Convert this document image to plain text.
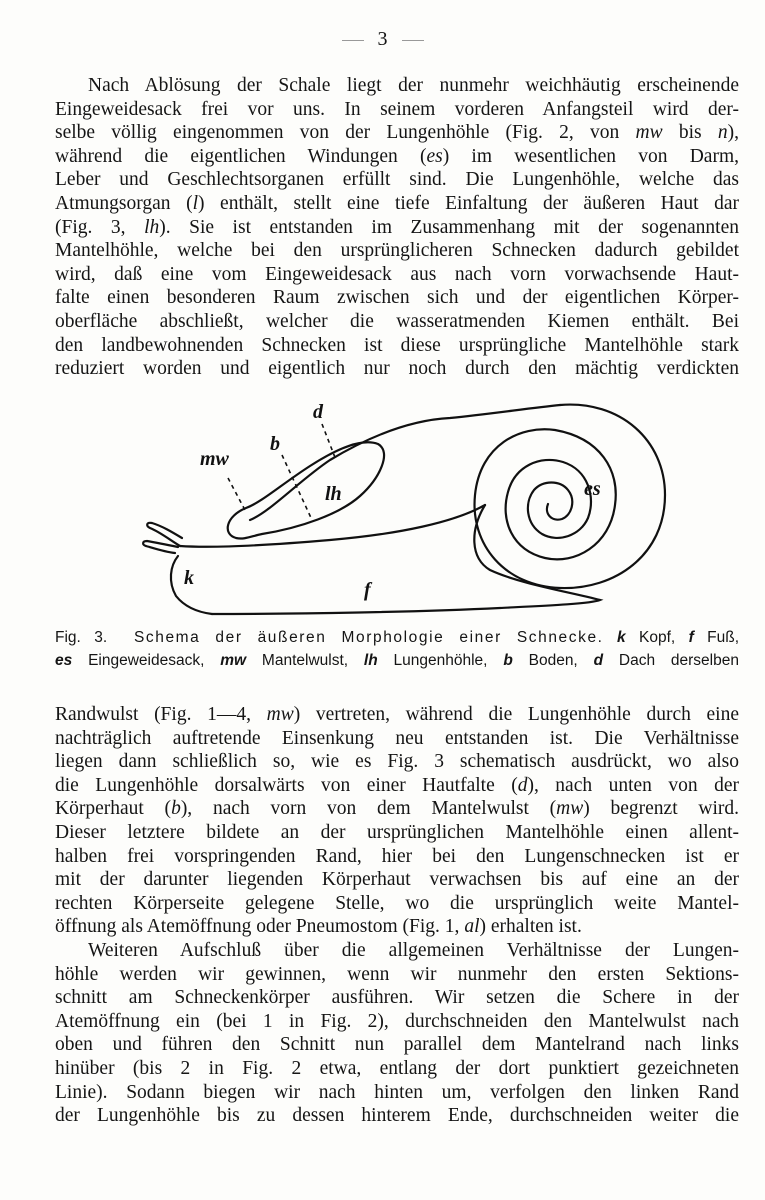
3
Nach Ablösung der Schale liegt der nunmehr weichhäutig erscheinende
Eingeweidesack frei vor uns. In seinem vorderen Anfangsteil wird der-
selbe völlig eingenommen von der Lungenhöhle (Fig. 2, von mw bis n),
während die eigentlichen Windungen (es) im wesentlichen von Darm,
Leber und Geschlechtsorganen erfüllt sind. Die Lungenhöhle, welche das
Atmungsorgan (l) enthält, stellt eine tiefe Einfaltung der äußeren Haut dar
(Fig. 3, lh). Sie ist entstanden im Zusammenhang mit der sogenannten
Mantelhöhle, welche bei den ursprünglicheren Schnecken dadurch gebildet
wird, daß eine vom Eingeweidesack aus nach vorn vorwachsende Haut-
falte einen besonderen Raum zwischen sich und der eigentlichen Körper-
oberfläche abschließt, welcher die wasseratmenden Kiemen enthält. Bei
den landbewohnenden Schnecken ist diese ursprüngliche Mantelhöhle stark
reduziert worden und eigentlich nur noch durch den mächtig verdickten
d
b
mw
lh	es
k
f
Fig. 3. Schema der äußeren Morphologie einer Schnecke. k Kopf, f Fuß,
es Eingeweidesack, mw Mantelwulst, lh Lungenhöhle, b Boden, d Dach derselben
Randwulst (Fig. 1—4, mw) vertreten, während die Lungenhöhle durch eine
nachträglich auftretende Einsenkung neu entstanden ist. Die Verhältnisse
liegen dann schließlich so, wie es Fig. 3 schematisch ausdrückt, wo also
die Lungenhöhle dorsalwärts von einer Hautfalte (d), nach unten von der
Körperhaut (b), nach vorn von dem Mantelwulst (mw) begrenzt wird.
Dieser letztere bildete an der ursprünglichen Mantelhöhle einen allent-
halben frei vorspringenden Rand, hier bei den Lungenschnecken ist er
mit der darunter liegenden Körperhaut verwachsen bis auf eine an der
rechten Körperseite gelegene Stelle, wo die ursprünglich weite Mantel-
öffnung als Atemöffnung oder Pneumostom (Fig. 1, al) erhalten ist.
Weiteren Aufschluß über die allgemeinen Verhältnisse der Lungen-
höhle werden wir gewinnen, wenn wir nunmehr den ersten Sektions-
schnitt am Schneckenkörper ausführen. Wir setzen die Schere in der
Atemöffnung ein (bei 1 in Fig. 2), durchschneiden den Mantelwulst nach
oben und führen den Schnitt nun parallel dem Mantelrand nach links
hinüber (bis 2 in Fig. 2 etwa, entlang der dort punktiert gezeichneten
Linie). Sodann biegen wir nach hinten um, verfolgen den linken Rand
der Lungenhöhle bis zu dessen hinterem Ende, durchschneiden weiter die
